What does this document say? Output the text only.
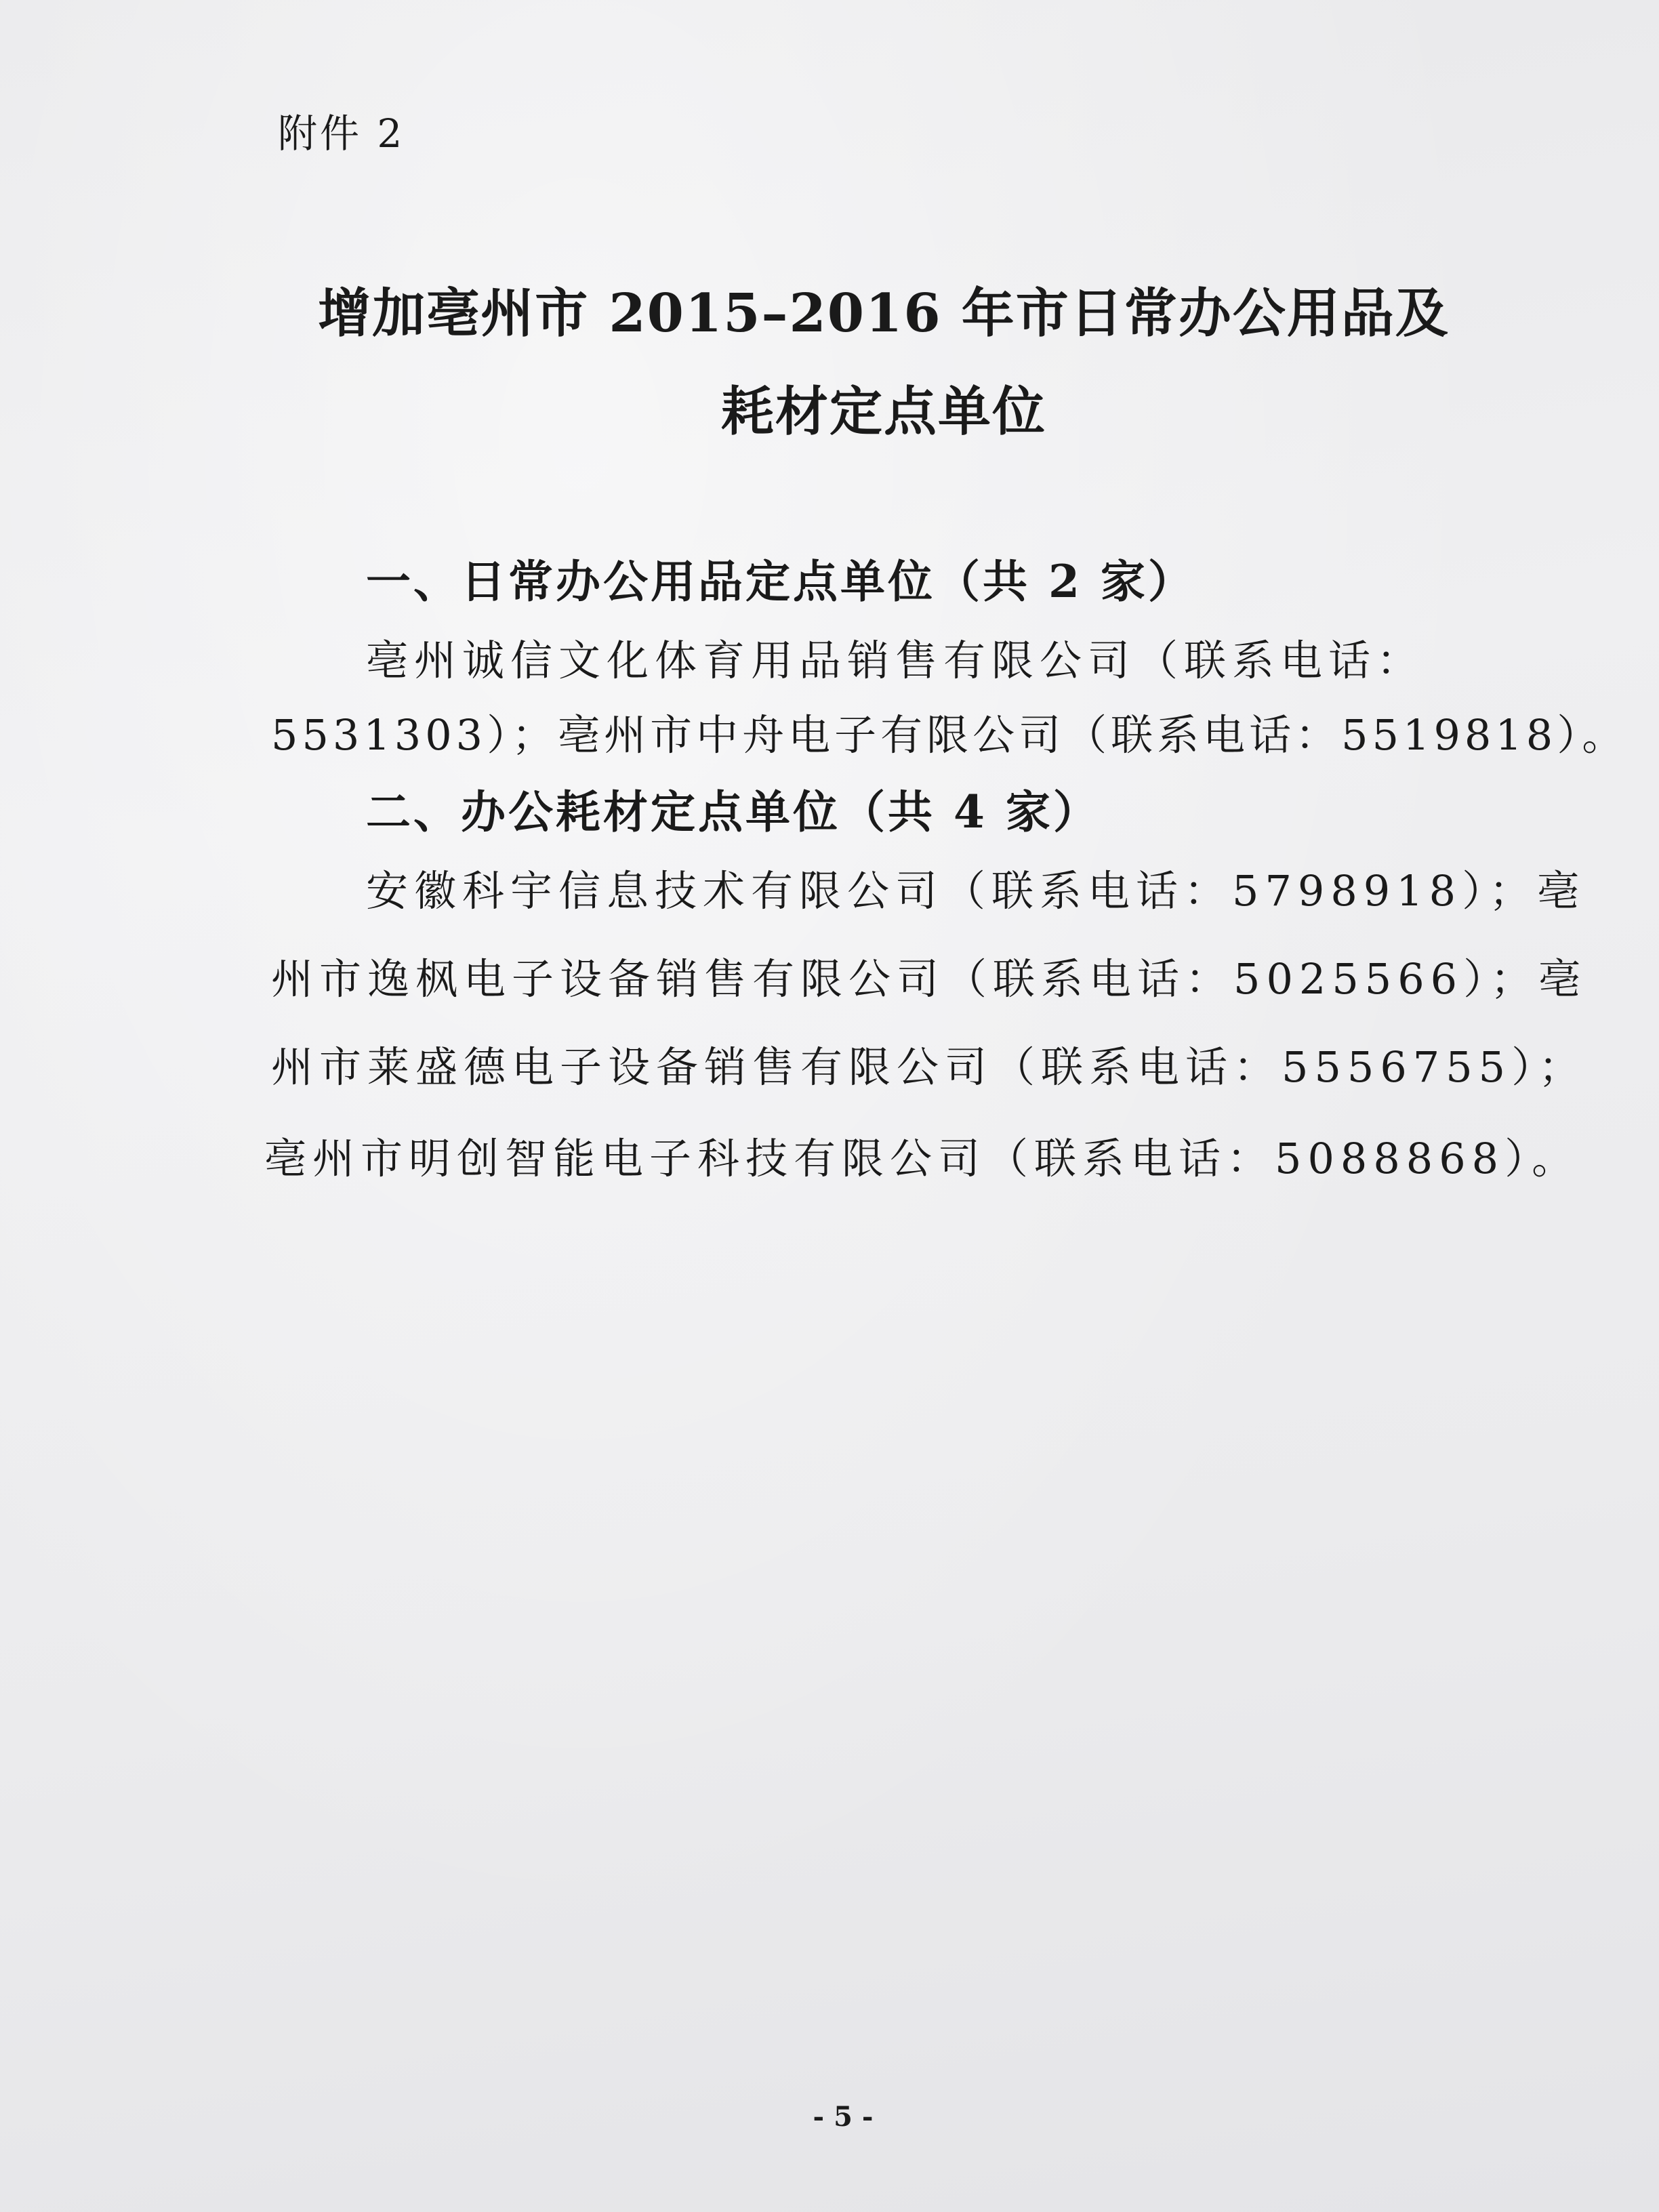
附件 2
增加亳州市 2015–2016 年市日常办公用品及
耗材定点单位
一、日常办公用品定点单位（共 2 家）
亳州诚信文化体育用品销售有限公司（联系电话：
5531303）；亳州市中舟电子有限公司（联系电话：5519818）。
二、办公耗材定点单位（共 4 家）
安徽科宇信息技术有限公司（联系电话：5798918）；亳
州市逸枫电子设备销售有限公司（联系电话：5025566）；亳
州市莱盛德电子设备销售有限公司（联系电话：5556755）；
亳州市明创智能电子科技有限公司（联系电话：5088868）。
- 5 -
